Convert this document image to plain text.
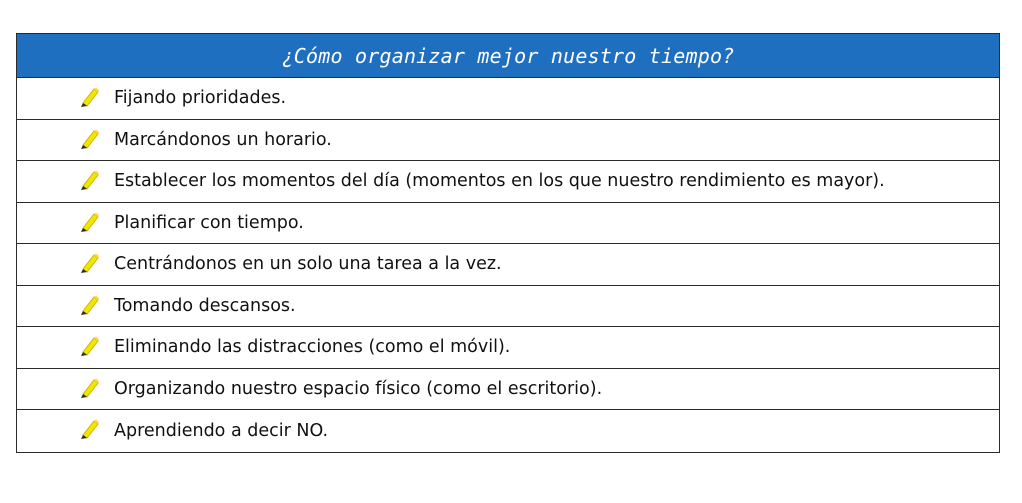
¿Cómo organizar mejor nuestro tiempo?
Fijando prioridades.
Marcándonos un horario.
Establecer los momentos del día (momentos en los que nuestro rendimiento es mayor).
Planificar con tiempo.
Centrándonos en un solo una tarea a la vez.
Tomando descansos.
Eliminando las distracciones (como el móvil).
Organizando nuestro espacio físico (como el escritorio).
Aprendiendo a decir NO.
